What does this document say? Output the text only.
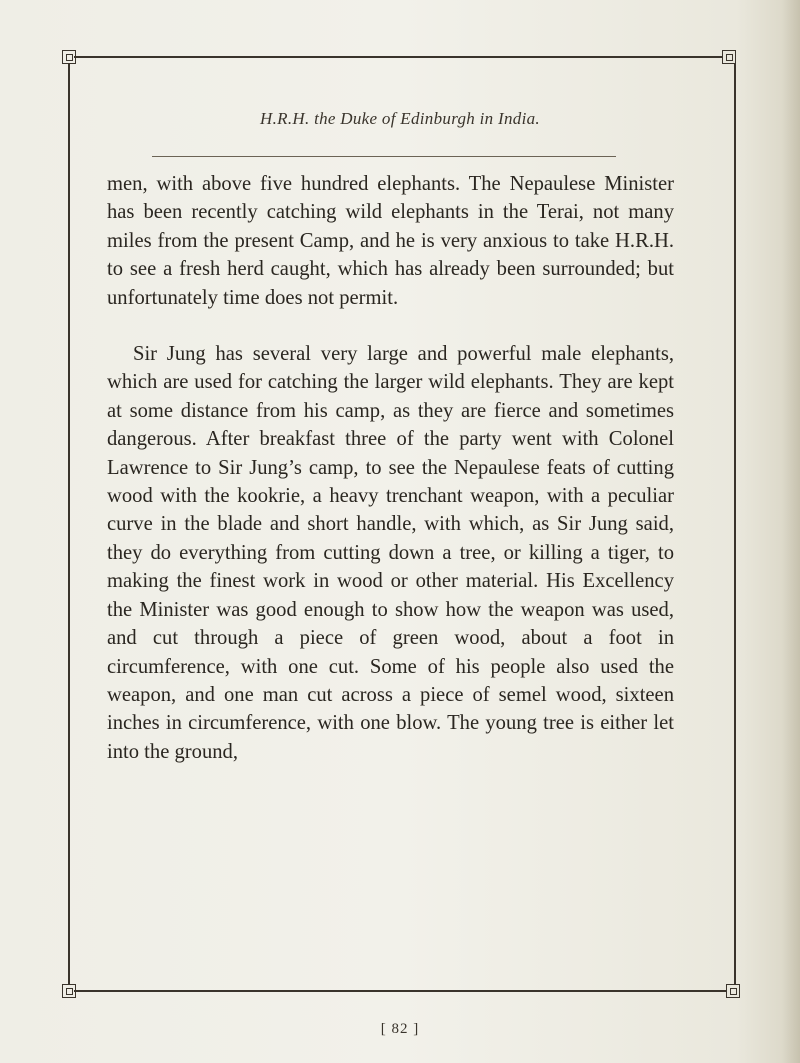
H.R.H. the Duke of Edinburgh in India.

men, with above five hundred elephants. The Nepaulese Minister has been recently catching wild elephants in the Terai, not many miles from the present Camp, and he is very anxious to take H.R.H. to see a fresh herd caught, which has already been surrounded; but unfortunately time does not permit.

Sir Jung has several very large and powerful male elephants, which are used for catching the larger wild elephants. They are kept at some distance from his camp, as they are fierce and sometimes dangerous. After breakfast three of the party went with Colonel Lawrence to Sir Jung’s camp, to see the Nepaulese feats of cutting wood with the kookrie, a heavy trenchant weapon, with a peculiar curve in the blade and short handle, with which, as Sir Jung said, they do everything from cutting down a tree, or killing a tiger, to making the finest work in wood or other material. His Excellency the Minister was good enough to show how the weapon was used, and cut through a piece of green wood, about a foot in circumference, with one cut. Some of his people also used the weapon, and one man cut across a piece of semel wood, sixteen inches in circumference, with one blow. The young tree is either let into the ground,

[ 82 ]
